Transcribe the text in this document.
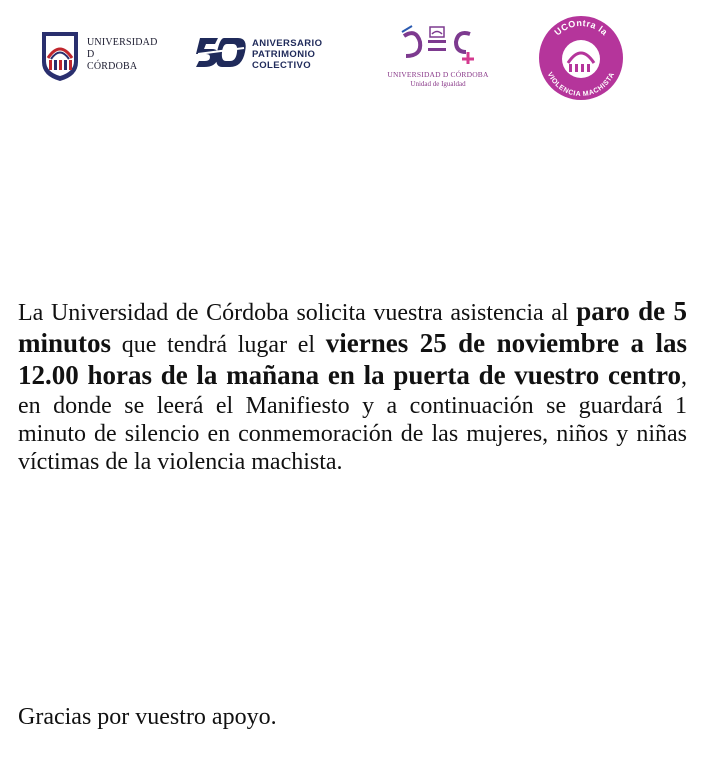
UNIVERSIDAD
D
CÓRDOBA
ANIVERSARIO
PATRIMONIO
COLECTIVO
UNIVERSIDAD D CÓRDOBA
Unidad de Igualdad
UCOntra la
VIOLENCIA MACHISTA

La Universidad de Córdoba solicita vuestra asistencia al paro de 5 minutos que tendrá lugar el viernes 25 de noviembre a las 12.00 horas de la mañana en la puerta de vuestro centro, en donde se leerá el Manifiesto y a continuación se guardará 1 minuto de silencio en conmemoración de las mujeres, niños y niñas víctimas de la violencia machista.

Gracias por vuestro apoyo.
